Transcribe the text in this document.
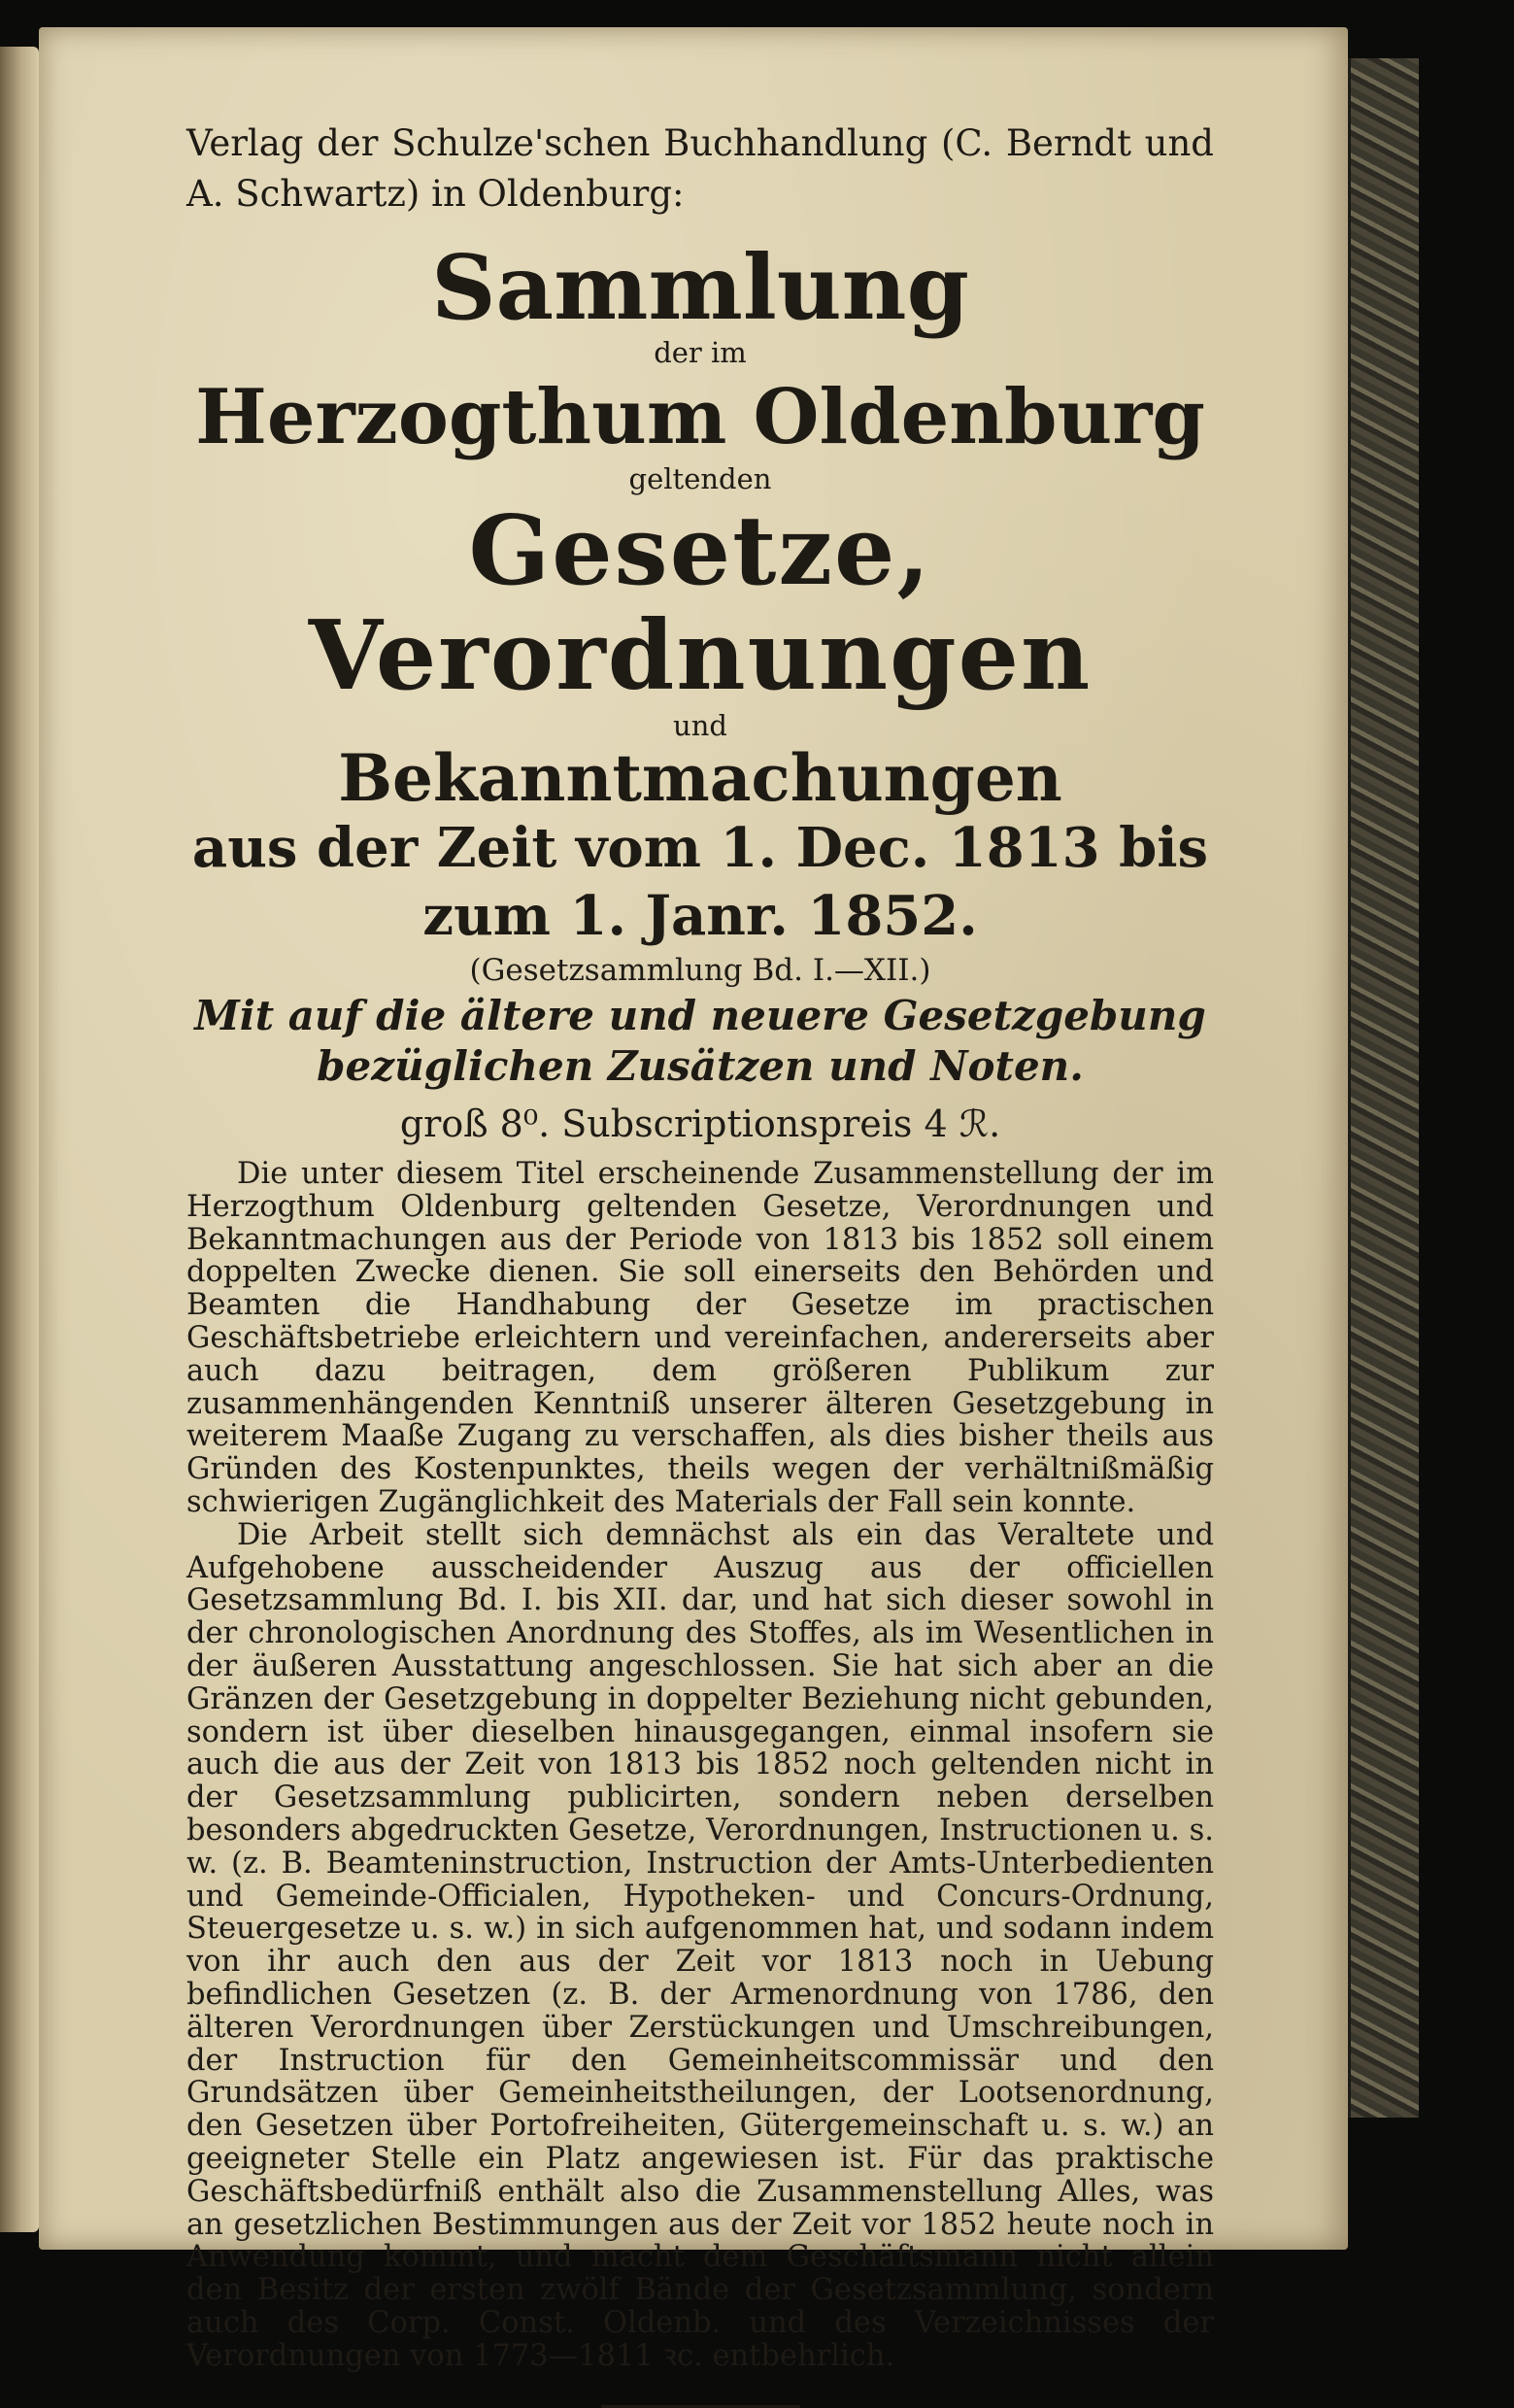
Verlag der Schulze'schen Buchhandlung (C. Berndt und A. Schwartz) in Oldenburg:
Sammlung
der im
Herzogthum Oldenburg
geltenden
Gesetze, Verordnungen
und
Bekanntmachungen
aus der Zeit vom 1. Dec. 1813 bis zum 1. Janr. 1852.
(Gesetzsammlung Bd. I.—XII.)
Mit auf die ältere und neuere Gesetzgebung bezüglichen Zusätzen und Noten.
groß 8⁰. Subscriptionspreis 4 ℛ.

Die unter diesem Titel erscheinende Zusammenstellung der im Herzogthum Oldenburg geltenden Gesetze, Verordnungen und Bekanntmachungen aus der Periode von 1813 bis 1852 soll einem doppelten Zwecke dienen. Sie soll einerseits den Behörden und Beamten die Handhabung der Gesetze im practischen Geschäftsbetriebe erleichtern und vereinfachen, andererseits aber auch dazu beitragen, dem größeren Publikum zur zusammenhängenden Kenntniß unserer älteren Gesetzgebung in weiterem Maaße Zugang zu verschaffen, als dies bisher theils aus Gründen des Kostenpunktes, theils wegen der verhältnißmäßig schwierigen Zugänglichkeit des Materials der Fall sein konnte.

Die Arbeit stellt sich demnächst als ein das Veraltete und Aufgehobene ausscheidender Auszug aus der officiellen Gesetzsammlung Bd. I. bis XII. dar, und hat sich dieser sowohl in der chronologischen Anordnung des Stoffes, als im Wesentlichen in der äußeren Ausstattung angeschlossen. Sie hat sich aber an die Gränzen der Gesetzgebung in doppelter Beziehung nicht gebunden, sondern ist über dieselben hinausgegangen, einmal insofern sie auch die aus der Zeit von 1813 bis 1852 noch geltenden nicht in der Gesetzsammlung publicirten, sondern neben derselben besonders abgedruckten Gesetze, Verordnungen, Instructionen u. s. w. (z. B. Beamteninstruction, Instruction der Amts-Unterbedienten und Gemeinde-Officialen, Hypotheken- und Concurs-Ordnung, Steuergesetze u. s. w.) in sich aufgenommen hat, und sodann indem von ihr auch den aus der Zeit vor 1813 noch in Uebung befindlichen Gesetzen (z. B. der Armenordnung von 1786, den älteren Verordnungen über Zerstückungen und Umschreibungen, der Instruction für den Gemeinheitscommissär und den Grundsätzen über Gemeinheitstheilungen, der Lootsenordnung, den Gesetzen über Portofreiheiten, Gütergemeinschaft u. s. w.) an geeigneter Stelle ein Platz angewiesen ist. Für das praktische Geschäftsbedürfniß enthält also die Zusammenstellung Alles, was an gesetzlichen Bestimmungen aus der Zeit vor 1852 heute noch in Anwendung kommt, und macht dem Geschäftsmann nicht allein den Besitz der ersten zwölf Bände der Gesetzsammlung, sondern auch des Corp. Const. Oldenb. und des Verzeichnisses der Verordnungen von 1773—1811 ꝛc. entbehrlich.
